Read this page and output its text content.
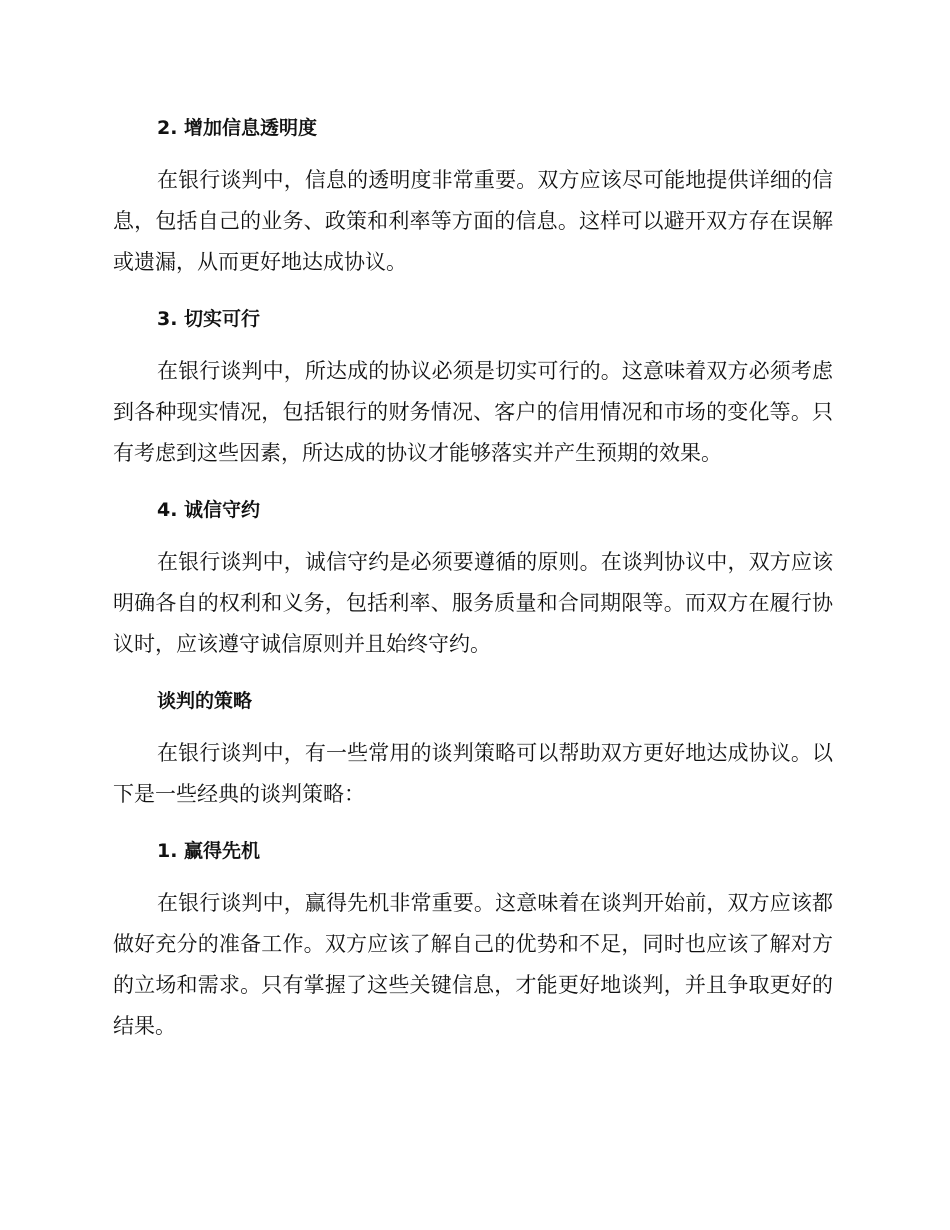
2. 增加信息透明度

在银行谈判中，信息的透明度非常重要。双方应该尽可能地提供详细的信息，包括自己的业务、政策和利率等方面的信息。这样可以避开双方存在误解或遗漏，从而更好地达成协议。

3. 切实可行

在银行谈判中，所达成的协议必须是切实可行的。这意味着双方必须考虑到各种现实情况，包括银行的财务情况、客户的信用情况和市场的变化等。只有考虑到这些因素，所达成的协议才能够落实并产生预期的效果。

4. 诚信守约

在银行谈判中，诚信守约是必须要遵循的原则。在谈判协议中，双方应该明确各自的权利和义务，包括利率、服务质量和合同期限等。而双方在履行协议时，应该遵守诚信原则并且始终守约。

谈判的策略

在银行谈判中，有一些常用的谈判策略可以帮助双方更好地达成协议。以下是一些经典的谈判策略：

1. 赢得先机

在银行谈判中，赢得先机非常重要。这意味着在谈判开始前，双方应该都做好充分的准备工作。双方应该了解自己的优势和不足，同时也应该了解对方的立场和需求。只有掌握了这些关键信息，才能更好地谈判，并且争取更好的结果。
